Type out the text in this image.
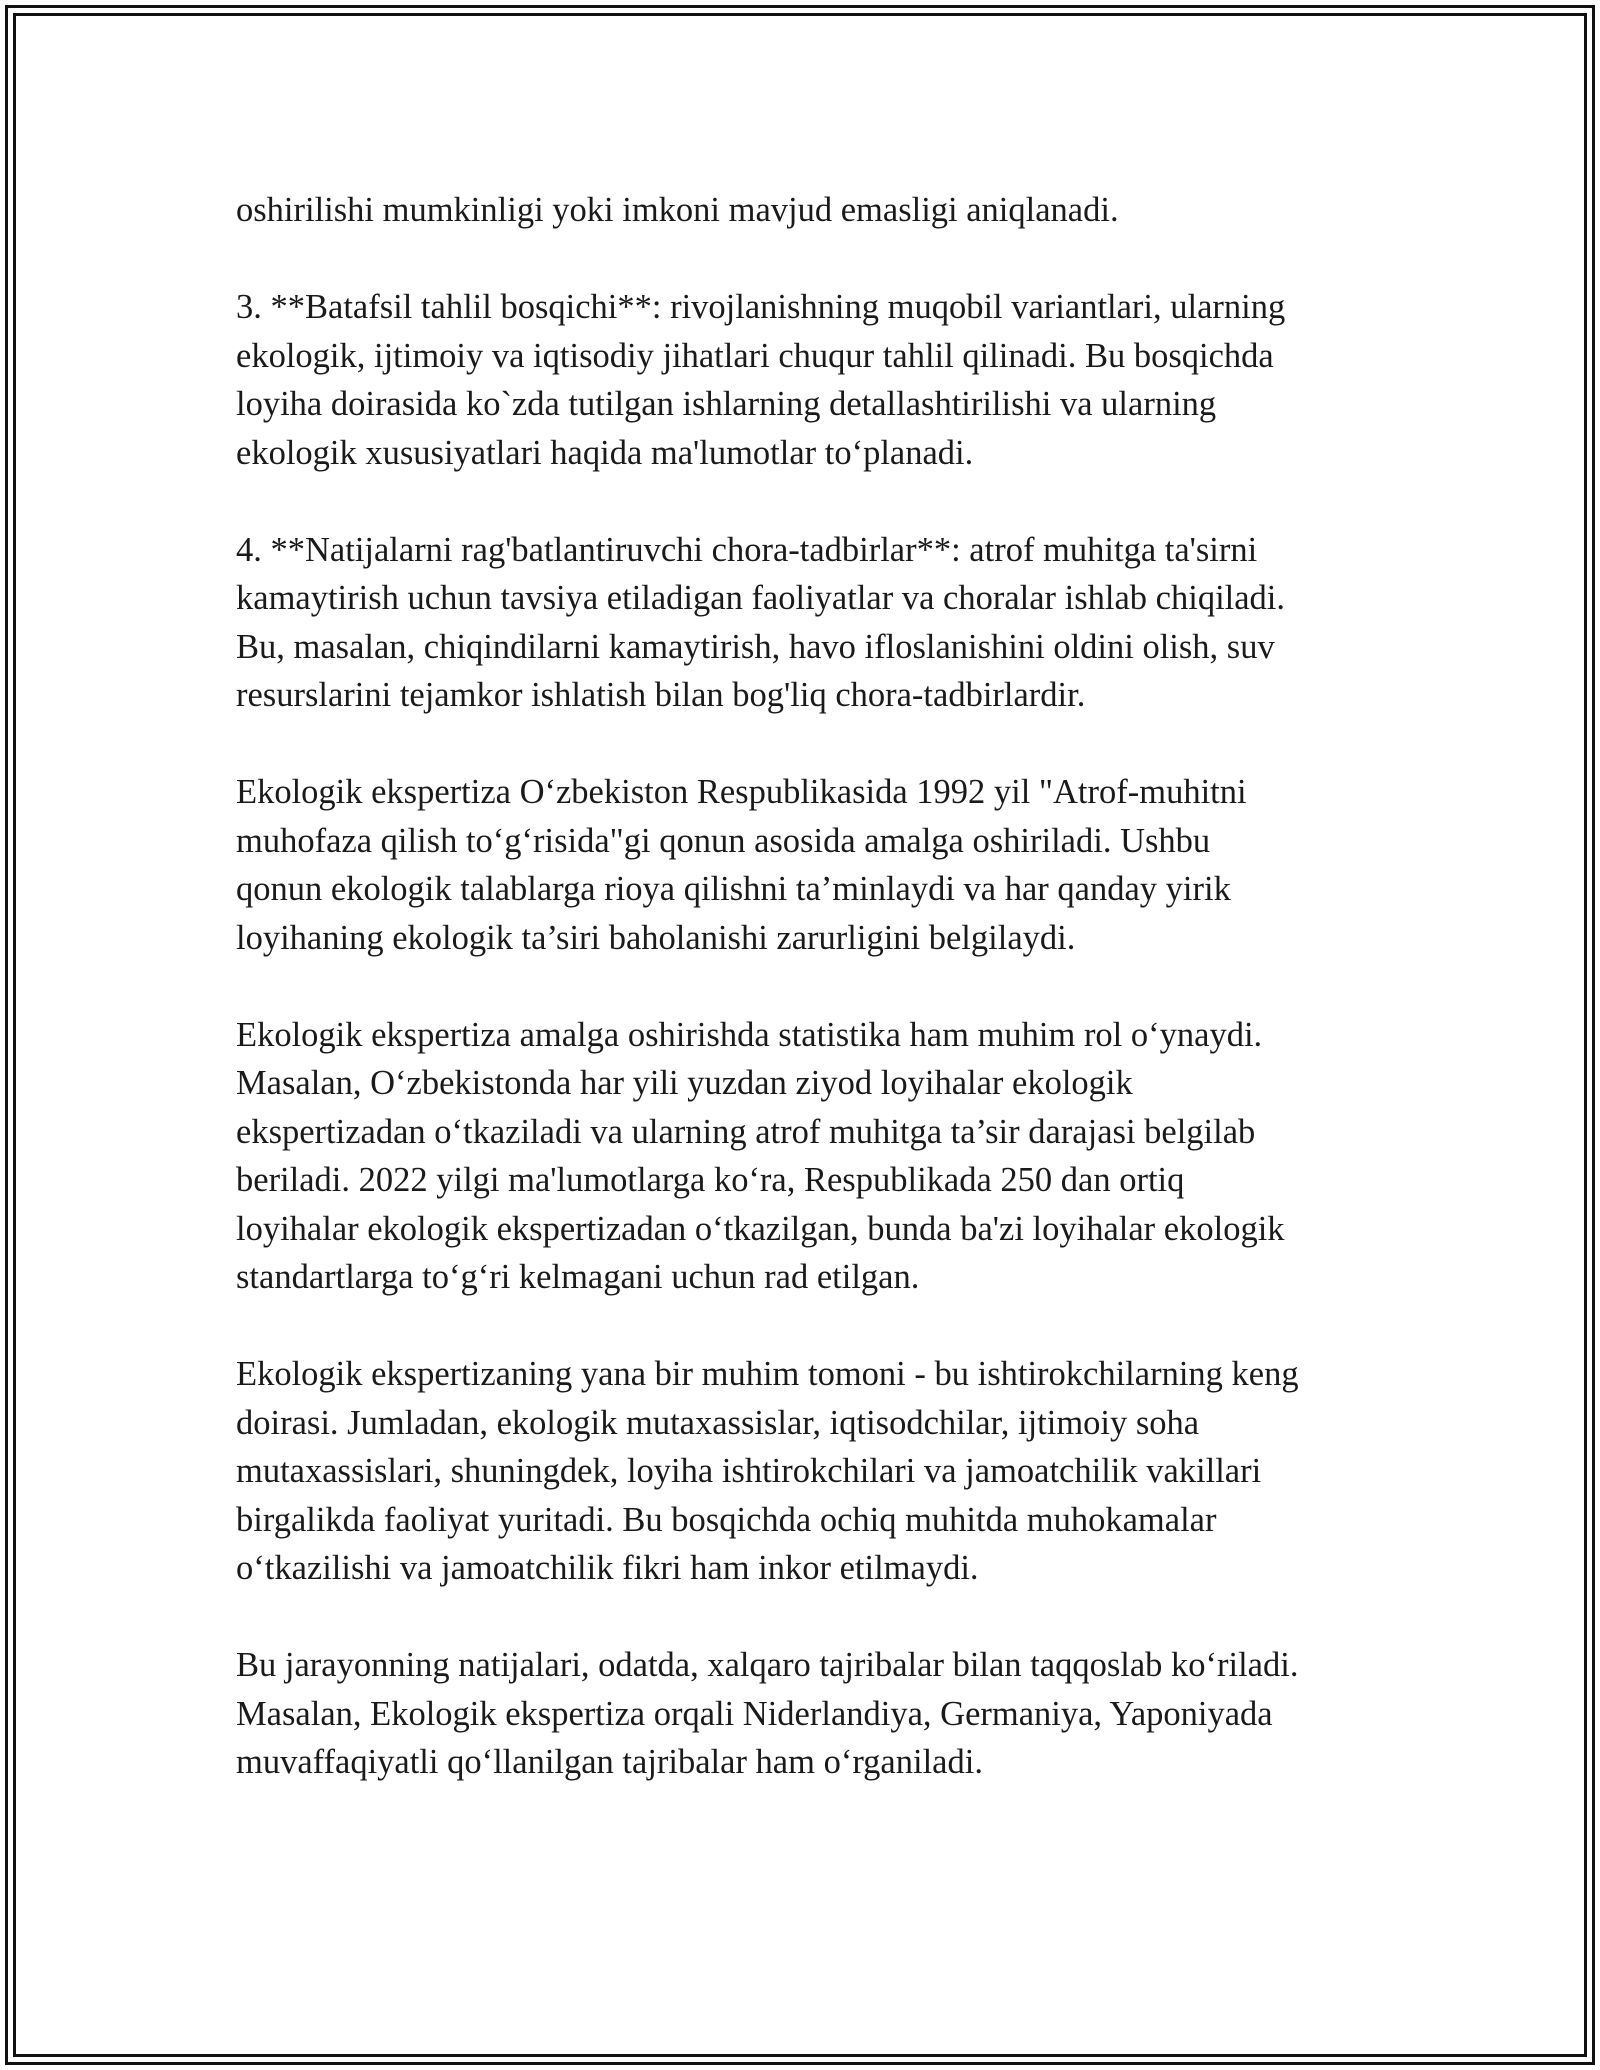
oshirilishi mumkinligi yoki imkoni mavjud emasligi aniqlanadi.

3. **Batafsil tahlil bosqichi**: rivojlanishning muqobil variantlari, ularning
ekologik, ijtimoiy va iqtisodiy jihatlari chuqur tahlil qilinadi. Bu bosqichda
loyiha doirasida ko`zda tutilgan ishlarning detallashtirilishi va ularning
ekologik xususiyatlari haqida ma'lumotlar to‘planadi.

4. **Natijalarni rag'batlantiruvchi chora-tadbirlar**: atrof muhitga ta'sirni
kamaytirish uchun tavsiya etiladigan faoliyatlar va choralar ishlab chiqiladi.
Bu, masalan, chiqindilarni kamaytirish, havo ifloslanishini oldini olish, suv
resurslarini tejamkor ishlatish bilan bog'liq chora-tadbirlardir.

Ekologik ekspertiza O‘zbekiston Respublikasida 1992 yil "Atrof-muhitni
muhofaza qilish to‘g‘risida"gi qonun asosida amalga oshiriladi. Ushbu
qonun ekologik talablarga rioya qilishni ta’minlaydi va har qanday yirik
loyihaning ekologik ta’siri baholanishi zarurligini belgilaydi.

Ekologik ekspertiza amalga oshirishda statistika ham muhim rol o‘ynaydi.
Masalan, O‘zbekistonda har yili yuzdan ziyod loyihalar ekologik
ekspertizadan o‘tkaziladi va ularning atrof muhitga ta’sir darajasi belgilab
beriladi. 2022 yilgi ma'lumotlarga ko‘ra, Respublikada 250 dan ortiq
loyihalar ekologik ekspertizadan o‘tkazilgan, bunda ba'zi loyihalar ekologik
standartlarga to‘g‘ri kelmagani uchun rad etilgan.

Ekologik ekspertizaning yana bir muhim tomoni - bu ishtirokchilarning keng
doirasi. Jumladan, ekologik mutaxassislar, iqtisodchilar, ijtimoiy soha
mutaxassislari, shuningdek, loyiha ishtirokchilari va jamoatchilik vakillari
birgalikda faoliyat yuritadi. Bu bosqichda ochiq muhitda muhokamalar
o‘tkazilishi va jamoatchilik fikri ham inkor etilmaydi.

Bu jarayonning natijalari, odatda, xalqaro tajribalar bilan taqqoslab ko‘riladi.
Masalan, Ekologik ekspertiza orqali Niderlandiya, Germaniya, Yaponiyada
muvaffaqiyatli qo‘llanilgan tajribalar ham o‘rganiladi.
